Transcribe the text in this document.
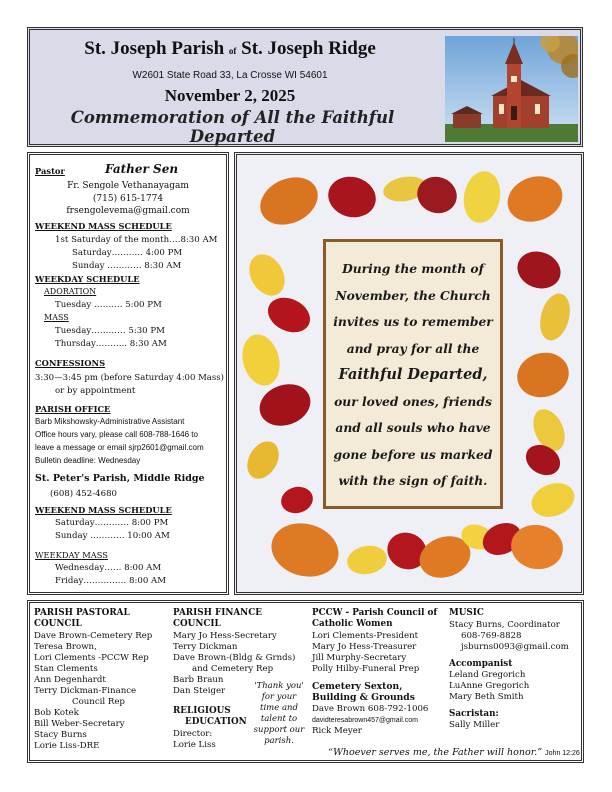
St. Joseph Parish of St. Joseph Ridge
W2601 State Road 33, La Crosse WI 54601
November 2, 2025
Commemoration of All the Faithful Departed
Pastor	Father Sen
Fr. Sengole Vethanayagam
(715) 615-1774
frsengolevema@gmail.com
WEEKEND MASS SCHEDULE
1st Saturday of the month….8:30 AM
Saturday……….. 4:00 PM
Sunday ………… 8:30 AM
WEEKDAY SCHEDULE
ADORATION
Tuesday ………. 5:00 PM
MASS
Tuesday………… 5:30 PM
Thursday……….. 8:30 AM
CONFESSIONS
3:30—3:45 pm (before Saturday 4:00 Mass)
or by appointment
PARISH OFFICE
Barb Mikshowsky-Administrative Assistant
Office hours vary, please call 608-788-1646 to
leave a message or email sjrp2601@gmail.com
Bulletin deadline: Wednesday
St. Peter's Parish, Middle Ridge
(608) 452-4680
WEEKEND MASS SCHEDULE
Saturday………… 8:00 PM
Sunday ………… 10:00 AM
WEEKDAY MASS
Wednesday…… 8:00 AM
Friday…………… 8:00 AM
During the month of
November, the Church
invites us to remember
and pray for all the
Faithful Departed,
our loved ones, friends
and all souls who have
gone before us marked
with the sign of faith.
PARISH PASTORAL
COUNCIL
Dave Brown-Cemetery Rep
Teresa Brown,
Lori Clements -PCCW Rep
Stan Clements
Ann Degenhardt
Terry Dickman-Finance
Council Rep
Bob Kotek
Bill Weber-Secretary
Stacy Burns
Lorie Liss-DRE
PARISH FINANCE
COUNCIL
Mary Jo Hess-Secretary
Terry Dickman
Dave Brown-(Bldg & Grnds)
and Cemetery Rep
Barb Braun
Dan Steiger
RELIGIOUS
EDUCATION
Director:
Lorie Liss
'Thank you'
for your
time and
talent to
support our
parish.
PCCW - Parish Council of
Catholic Women
Lori Clements-President
Mary Jo Hess-Treasurer
Jill Murphy-Secretary
Polly Hilby-Funeral Prep
Cemetery Sexton,
Building & Grounds
Dave Brown 608-792-1006
davidteresabrown457@gmail.com
Rick Meyer
MUSIC
Stacy Burns, Coordinator
608-769-8828
jsburns0093@gmail.com
Accompanist
Leland Gregorich
LuAnne Gregorich
Mary Beth Smith
Sacristan:
Sally Miller
“Whoever serves me, the Father will honor.” John 12:26
